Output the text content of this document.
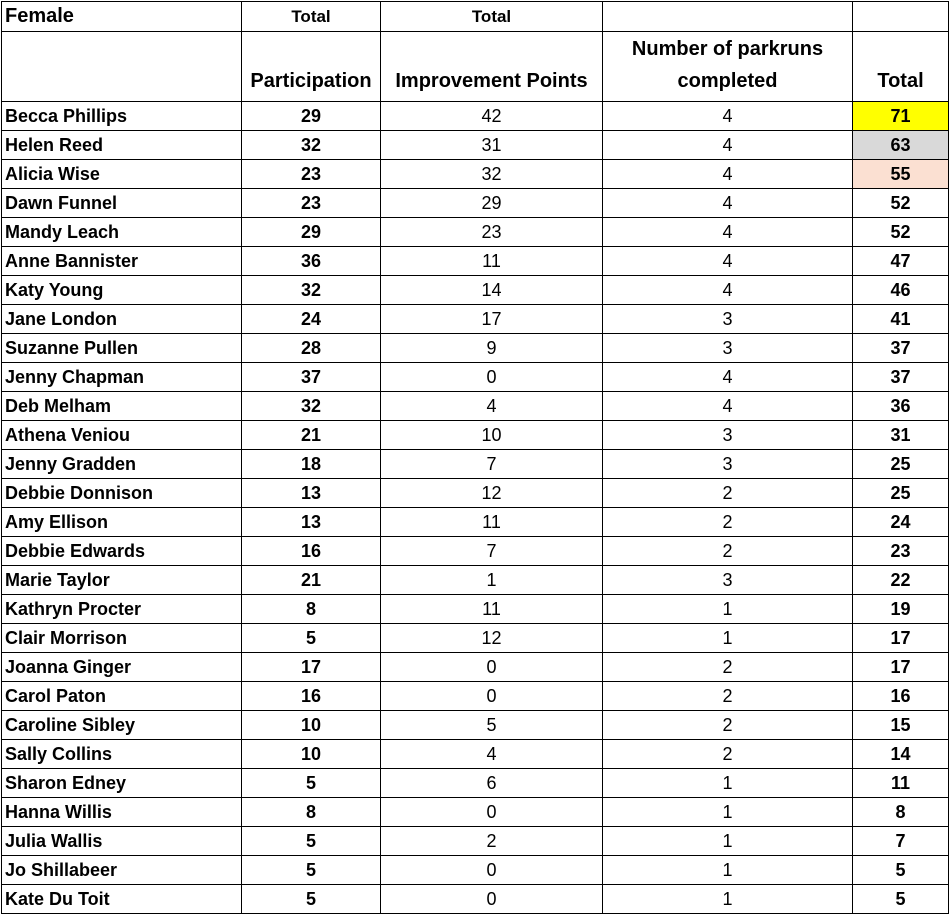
Female	Total	Total		
	Participation	Improvement Points	Number of parkruns completed	Total
Becca Phillips	29	42	4	71
Helen Reed	32	31	4	63
Alicia Wise	23	32	4	55
Dawn Funnel	23	29	4	52
Mandy Leach	29	23	4	52
Anne Bannister	36	11	4	47
Katy Young	32	14	4	46
Jane London	24	17	3	41
Suzanne Pullen	28	9	3	37
Jenny Chapman	37	0	4	37
Deb Melham	32	4	4	36
Athena Veniou	21	10	3	31
Jenny Gradden	18	7	3	25
Debbie Donnison	13	12	2	25
Amy Ellison	13	11	2	24
Debbie Edwards	16	7	2	23
Marie Taylor	21	1	3	22
Kathryn Procter	8	11	1	19
Clair Morrison	5	12	1	17
Joanna Ginger	17	0	2	17
Carol Paton	16	0	2	16
Caroline Sibley	10	5	2	15
Sally Collins	10	4	2	14
Sharon Edney	5	6	1	11
Hanna Willis	8	0	1	8
Julia Wallis	5	2	1	7
Jo Shillabeer	5	0	1	5
Kate Du Toit	5	0	1	5
